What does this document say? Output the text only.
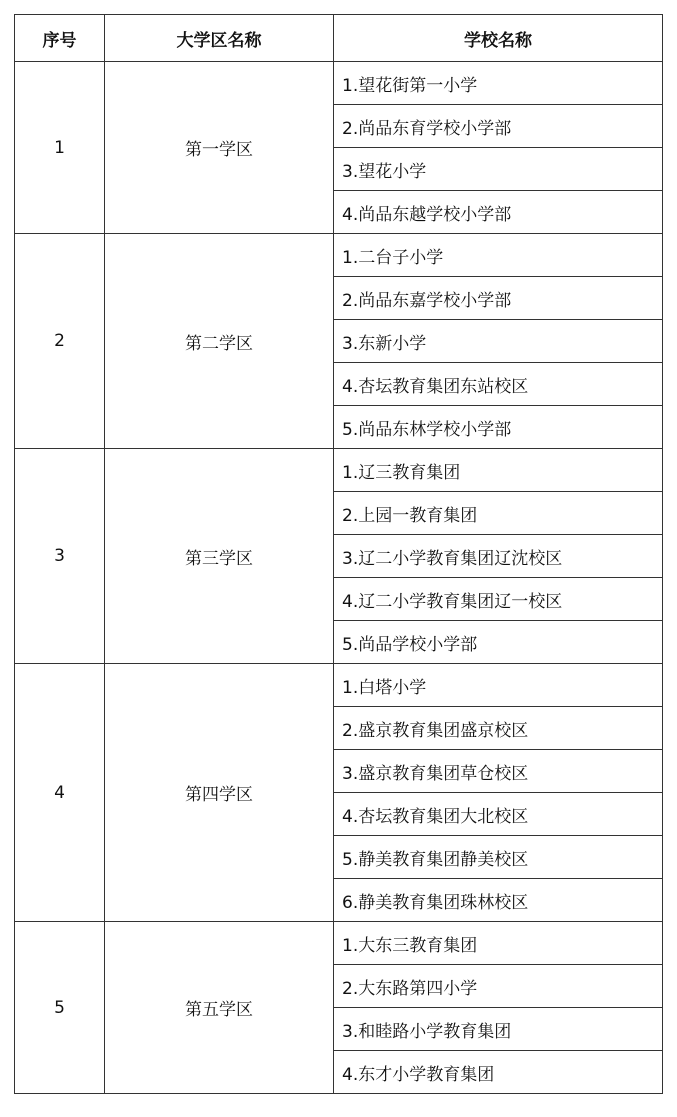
序号	大学区名称	学校名称
1	第一学区	1.望花街第一小学
		2.尚品东育学校小学部
		3.望花小学
		4.尚品东越学校小学部
2	第二学区	1.二台子小学
		2.尚品东嘉学校小学部
		3.东新小学
		4.杏坛教育集团东站校区
		5.尚品东林学校小学部
3	第三学区	1.辽三教育集团
		2.上园一教育集团
		3.辽二小学教育集团辽沈校区
		4.辽二小学教育集团辽一校区
		5.尚品学校小学部
4	第四学区	1.白塔小学
		2.盛京教育集团盛京校区
		3.盛京教育集团草仓校区
		4.杏坛教育集团大北校区
		5.静美教育集团静美校区
		6.静美教育集团珠林校区
5	第五学区	1.大东三教育集团
		2.大东路第四小学
		3.和睦路小学教育集团
		4.东才小学教育集团
